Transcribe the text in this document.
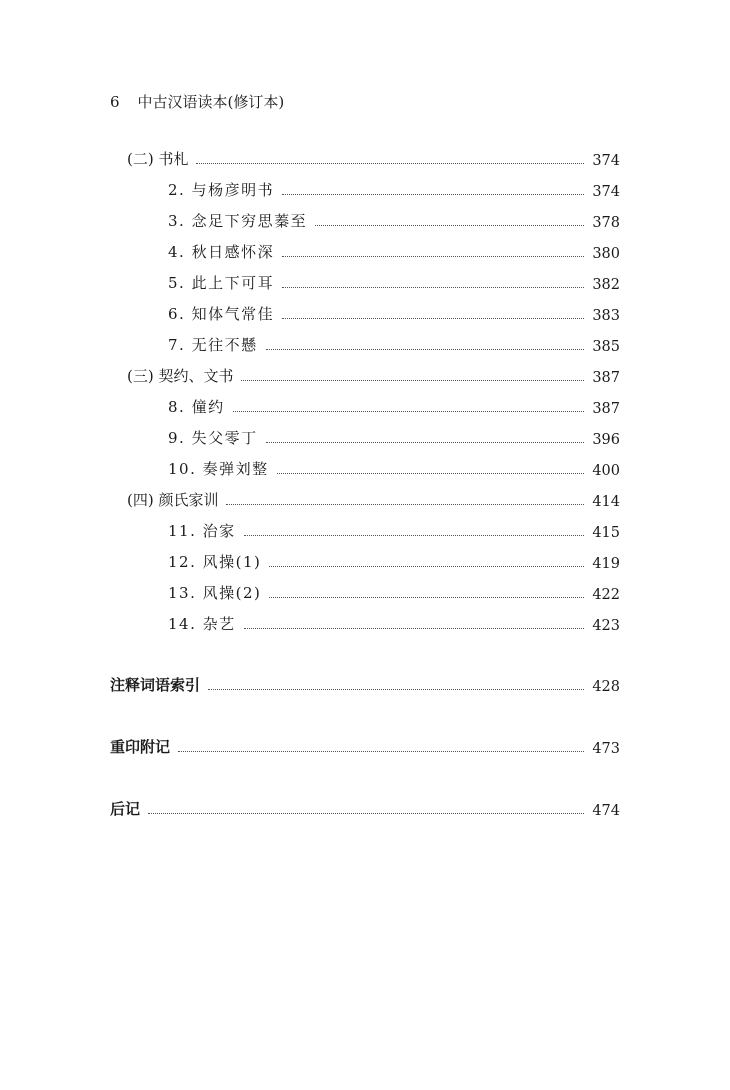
6 中古汉语读本(修订本)
(二) 书札	374
2. 与杨彦明书	374
3. 念足下穷思蓁至	378
4. 秋日感怀深	380
5. 此上下可耳	382
6. 知体气常佳	383
7. 无往不懸	385
(三) 契约、文书	387
8. 僮约	387
9. 失父零丁	396
10. 奏弹刘整	400
(四) 颜氏家训	414
11. 治家	415
12. 风操(1)	419
13. 风操(2)	422
14. 杂艺	423
注释词语索引	428
重印附记	473
后记	474
